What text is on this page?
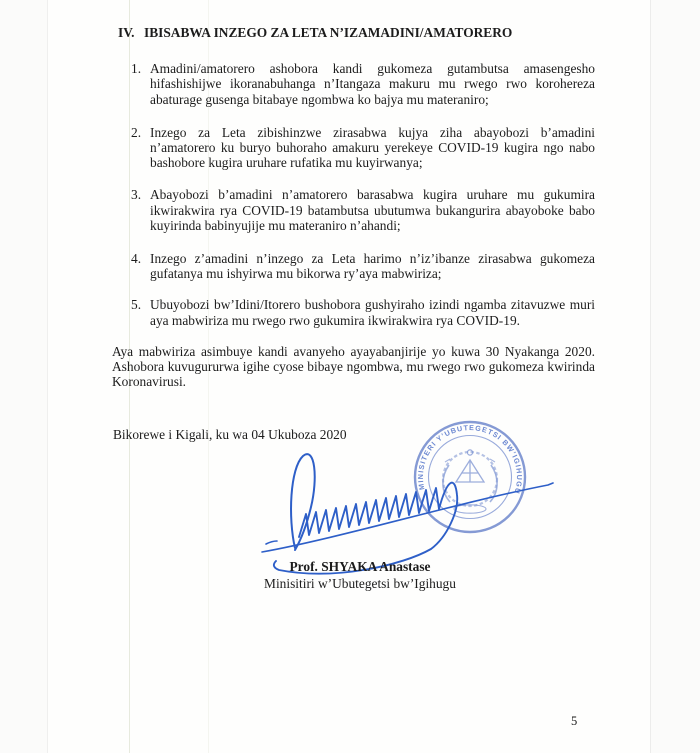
IV. IBISABWA INZEGO ZA LETA N’IZAMADINI/AMATORERO
1. Amadini/amatorero ashobora kandi gukomeza gutambutsa amasengesho hifashishijwe ikoranabuhanga n’Itangaza makuru mu rwego rwo korohereza abaturage gusenga bitabaye ngombwa ko bajya mu materaniro;
2. Inzego za Leta zibishinzwe zirasabwa kujya ziha abayobozi b’amadini n’amatorero ku buryo buhoraho amakuru yerekeye COVID-19 kugira ngo nabo bashobore kugira uruhare rufatika mu kuyirwanya;
3. Abayobozi b’amadini n’amatorero barasabwa kugira uruhare mu gukumira ikwirakwira rya COVID-19 batambutsa ubutumwa bukangurira abayoboke babo kuyirinda babinyujije mu materaniro n’ahandi;
4. Inzego z’amadini n’inzego za Leta harimo n’iz’ibanze zirasabwa gukomeza gufatanya mu ishyirwa mu bikorwa ry’aya mabwiriza;
5. Ubuyobozi bw’Idini/Itorero bushobora gushyiraho izindi ngamba zitavuzwe muri aya mabwiriza mu rwego rwo gukumira ikwirakwira rya COVID-19.

Aya mabwiriza asimbuye kandi avanyeho ayayabanjirije yo kuwa 30 Nyakanga 2020. Ashobora kuvugururwa igihe cyose bibaye ngombwa, mu rwego rwo gukomeza kwirinda Koronavirusi.

Bikorewe i Kigali, ku wa 04 Ukuboza 2020

MINISITERI Y’UBUTEGETSI BW’IGIHUGU
Prof. SHYAKA Anastase
Minisitiri w’Ubutegetsi bw’Igihugu
5
